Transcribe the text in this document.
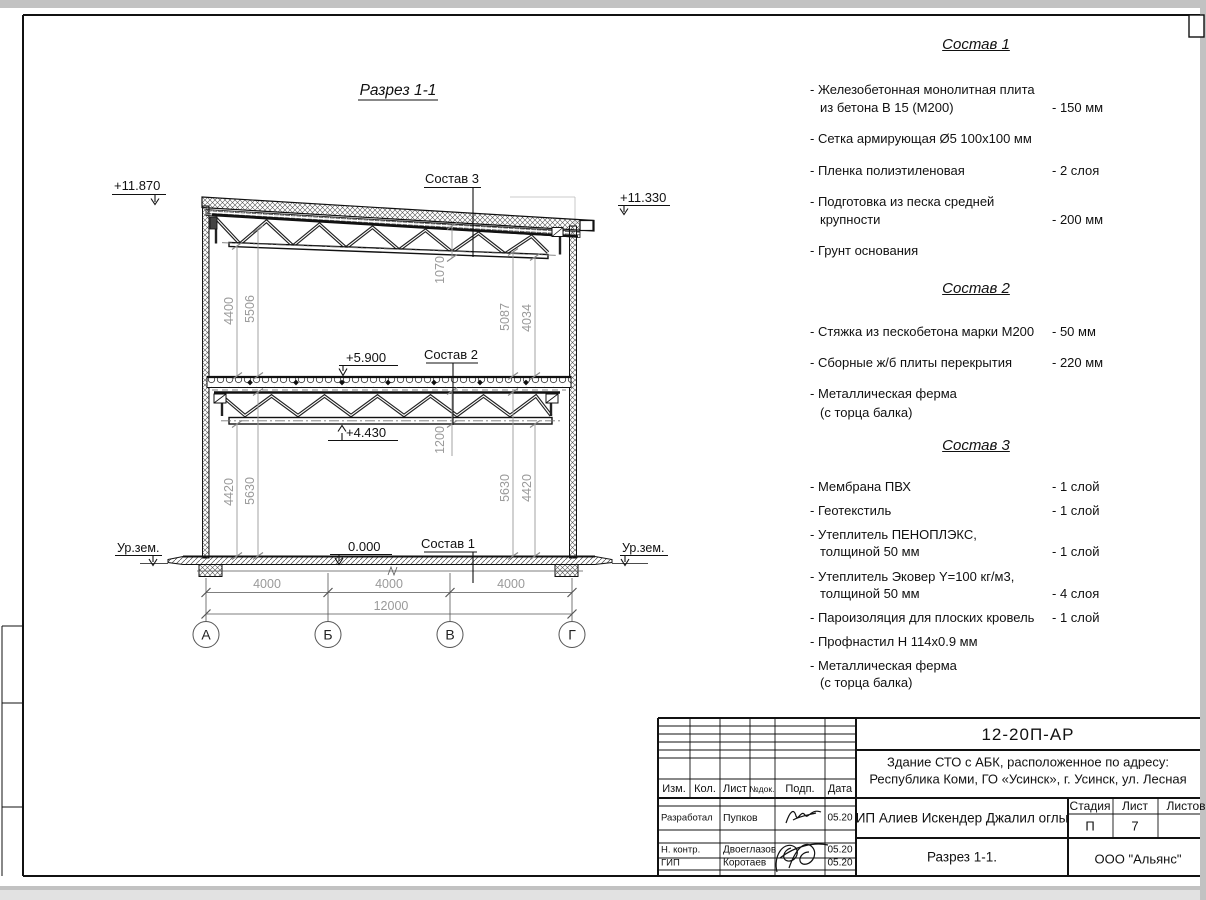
4400 5506	5087 4034
4420 5630	5630 4420
1070
1200
4000	4000	4000
12000
А	Б	В	Г
+11.870
+11.330
+5.900
+4.430
0.000
Ур.зем.	Ур.зем.
Состав 3
Состав 2
Состав 1
Разрез 1-1
Состав 1
- Железобетонная монолитная плита
из бетона В 15 (М200)	- 150 мм
- Сетка армирующая Ø5 100х100 мм
- Пленка полиэтиленовая	- 2 слоя
- Подготовка из песка средней
крупности	- 200 мм
- Грунт основания
Состав 2
- Стяжка из пескобетона марки М200	- 50 мм
- Сборные ж/б плиты перекрытия	- 220 мм
- Металлическая ферма
(с торца балка)
Состав 3
- Мембрана ПВХ	- 1 слой
- Геотекстиль	- 1 слой
- Утеплитель ПЕНОПЛЭКС,
толщиной 50 мм	- 1 слой
- Утеплитель Эковер Y=100 кг/м3,
толщиной 50 мм	- 4 слоя
- Пароизоляция для плоских кровель	- 1 слой
- Профнастил Н 114х0.9 мм
- Металлическая ферма
(с торца балка)
12-20П-АР
Здание СТО с АБК, расположенное по адресу:
Республика Коми, ГО «Усинск», г. Усинск, ул. Лесная
ИП Алиев Искендер Джалил оглы
Стадия Лист Листов
П	7
Разрез 1-1.	ООО "Альянс"
Изм. Кол. Лист №док. Подп. Дата
Разработал Пупков	05.20
Н. контр. Двоеглазов	05.20
ГИП	Коротаев	05.20
